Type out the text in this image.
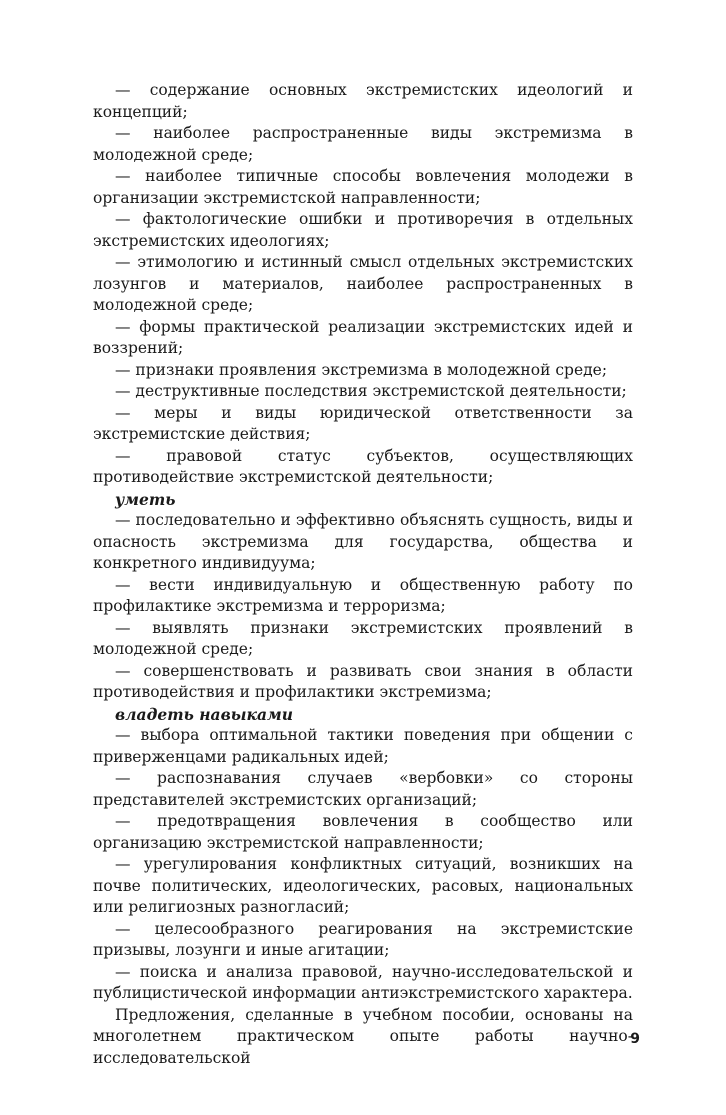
— содержание основных экстремистских идеологий и концепций;

— наиболее распространенные виды экстремизма в молодежной среде;

— наиболее типичные способы вовлечения молодежи в организации экстремистской направленности;

— фактологические ошибки и противоречия в отдельных экстремистских идеологиях;

— этимологию и истинный смысл отдельных экстремистских лозунгов и материалов, наиболее распространенных в молодежной среде;

— формы практической реализации экстремистских идей и воззрений;

— признаки проявления экстремизма в молодежной среде;

— деструктивные последствия экстремистской деятельности;

— меры и виды юридической ответственности за экстремистские действия;

— правовой статус субъектов, осуществляющих противодействие экстремистской деятельности;

уметь

— последовательно и эффективно объяснять сущность, виды и опасность экстремизма для государства, общества и конкретного индивидуума;

— вести индивидуальную и общественную работу по профилактике экстремизма и терроризма;

— выявлять признаки экстремистских проявлений в молодежной среде;

— совершенствовать и развивать свои знания в области противодействия и профилактики экстремизма;

владеть навыками

— выбора оптимальной тактики поведения при общении с приверженцами радикальных идей;

— распознавания случаев «вербовки» со стороны представителей экстремистских организаций;

— предотвращения вовлечения в сообщество или организацию экстремистской направленности;

— урегулирования конфликтных ситуаций, возникших на почве политических, идеологических, расовых, национальных или религиозных разногласий;

— целесообразного реагирования на экстремистские призывы, лозунги и иные агитации;

— поиска и анализа правовой, научно-исследовательской и публицистической информации антиэкстремистского характера.

Предложения, сделанные в учебном пособии, основаны на многолетнем практическом опыте работы научно-исследовательской

9
